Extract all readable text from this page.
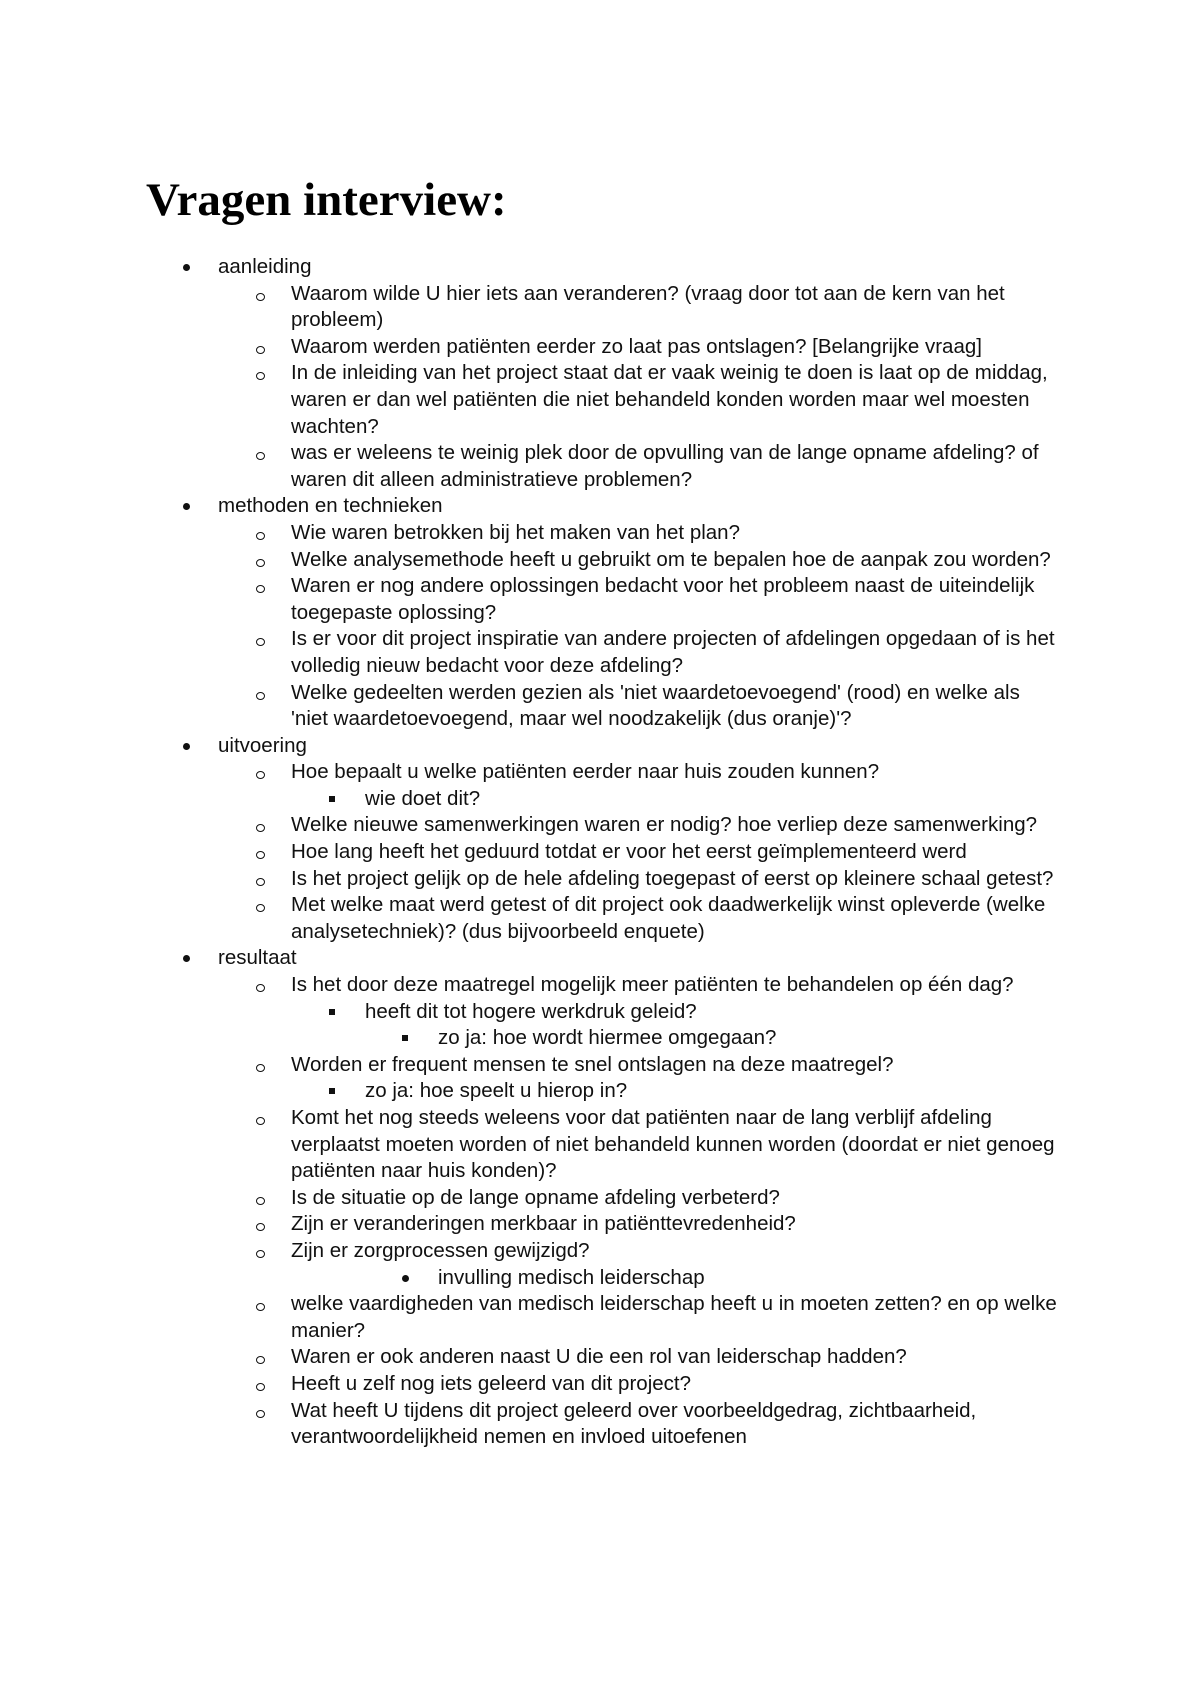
Vragen interview:
aanleiding
Waarom wilde U hier iets aan veranderen? (vraag door tot aan de kern van het probleem)
Waarom werden patiënten eerder zo laat pas ontslagen? [Belangrijke vraag]
In de inleiding van het project staat dat er vaak weinig te doen is laat op de middag, waren er dan wel patiënten die niet behandeld konden worden maar wel moesten wachten?
was er weleens te weinig plek door de opvulling van de lange opname afdeling? of waren dit alleen administratieve problemen?
methoden en technieken
Wie waren betrokken bij het maken van het plan?
Welke analysemethode heeft u gebruikt om te bepalen hoe de aanpak zou worden?
Waren er nog andere oplossingen bedacht voor het probleem naast de uiteindelijk toegepaste oplossing?
Is er voor dit project inspiratie van andere projecten of afdelingen opgedaan of is het volledig nieuw bedacht voor deze afdeling?
Welke gedeelten werden gezien als 'niet waardetoevoegend' (rood) en welke als 'niet waardetoevoegend, maar wel noodzakelijk (dus oranje)'?
uitvoering
Hoe bepaalt u welke patiënten eerder naar huis zouden kunnen?
wie doet dit?
Welke nieuwe samenwerkingen waren er nodig? hoe verliep deze samenwerking?
Hoe lang heeft het geduurd totdat er voor het eerst geïmplementeerd werd
Is het project gelijk op de hele afdeling toegepast of eerst op kleinere schaal getest?
Met welke maat werd getest of dit project ook daadwerkelijk winst opleverde (welke analysetechniek)? (dus bijvoorbeeld enquete)
resultaat
Is het door deze maatregel mogelijk meer patiënten te behandelen op één dag?
heeft dit tot hogere werkdruk geleid?
zo ja: hoe wordt hiermee omgegaan?
Worden er frequent mensen te snel ontslagen na deze maatregel?
zo ja: hoe speelt u hierop in?
Komt het nog steeds weleens voor dat patiënten naar de lang verblijf afdeling verplaatst moeten worden of niet behandeld kunnen worden (doordat er niet genoeg patiënten naar huis konden)?
Is de situatie op de lange opname afdeling verbeterd?
Zijn er veranderingen merkbaar in patiënttevredenheid?
Zijn er zorgprocessen gewijzigd?
invulling medisch leiderschap
welke vaardigheden van medisch leiderschap heeft u in moeten zetten? en op welke manier?
Waren er ook anderen naast U die een rol van leiderschap hadden?
Heeft u zelf nog iets geleerd van dit project?
Wat heeft U tijdens dit project geleerd over voorbeeldgedrag, zichtbaarheid, verantwoordelijkheid nemen en invloed uitoefenen
